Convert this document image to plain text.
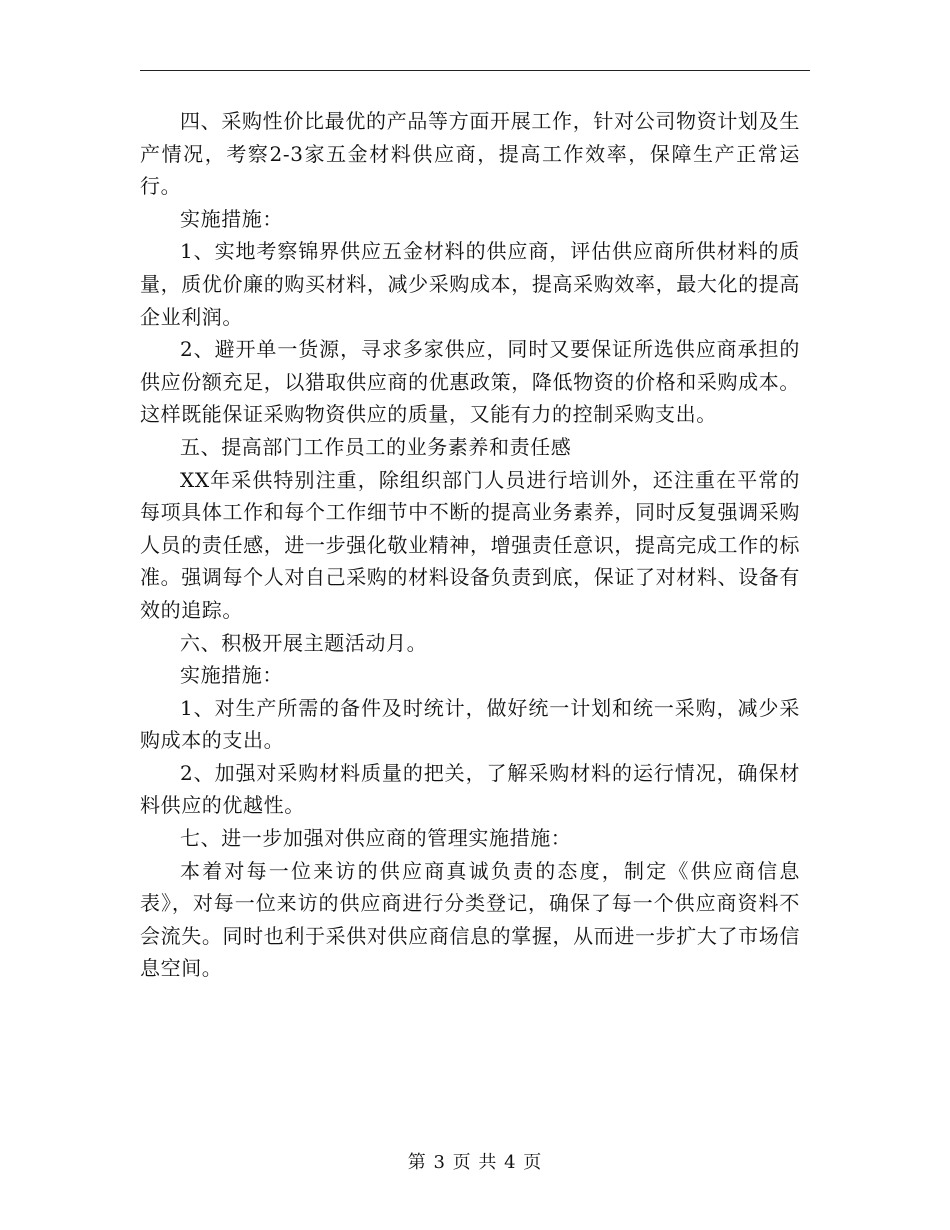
四、采购性价比最优的产品等方面开展工作，针对公司物资计划及生产情况，考察2-3家五金材料供应商，提高工作效率，保障生产正常运行。

实施措施：

1、实地考察锦界供应五金材料的供应商，评估供应商所供材料的质量，质优价廉的购买材料，减少采购成本，提高采购效率，最大化的提高企业利润。

2、避开单一货源，寻求多家供应，同时又要保证所选供应商承担的供应份额充足，以猎取供应商的优惠政策，降低物资的价格和采购成本。这样既能保证采购物资供应的质量，又能有力的控制采购支出。

五、提高部门工作员工的业务素养和责任感

XX年采供特别注重，除组织部门人员进行培训外，还注重在平常的每项具体工作和每个工作细节中不断的提高业务素养，同时反复强调采购人员的责任感，进一步强化敬业精神，增强责任意识，提高完成工作的标准。强调每个人对自己采购的材料设备负责到底，保证了对材料、设备有效的追踪。

六、积极开展主题活动月。

实施措施：

1、对生产所需的备件及时统计，做好统一计划和统一采购，减少采购成本的支出。

2、加强对采购材料质量的把关，了解采购材料的运行情况，确保材料供应的优越性。

七、进一步加强对供应商的管理实施措施：

本着对每一位来访的供应商真诚负责的态度，制定《供应商信息表》，对每一位来访的供应商进行分类登记，确保了每一个供应商资料不会流失。同时也利于采供对供应商信息的掌握，从而进一步扩大了市场信息空间。

第 3 页 共 4 页
